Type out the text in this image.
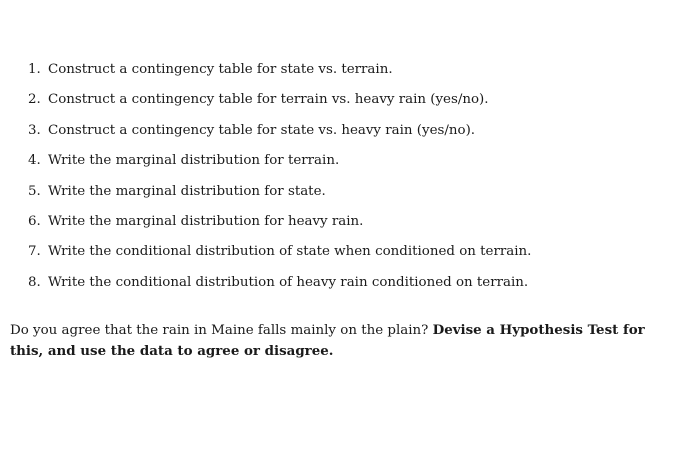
1. Construct a contingency table for state vs. terrain.
2. Construct a contingency table for terrain vs. heavy rain (yes/no).
3. Construct a contingency table for state vs. heavy rain (yes/no).
4. Write the marginal distribution for terrain.
5. Write the marginal distribution for state.
6. Write the marginal distribution for heavy rain.
7. Write the conditional distribution of state when conditioned on terrain.
8. Write the conditional distribution of heavy rain conditioned on terrain.

Do you agree that the rain in Maine falls mainly on the plain? Devise a Hypothesis Test for this, and use the data to agree or disagree.
